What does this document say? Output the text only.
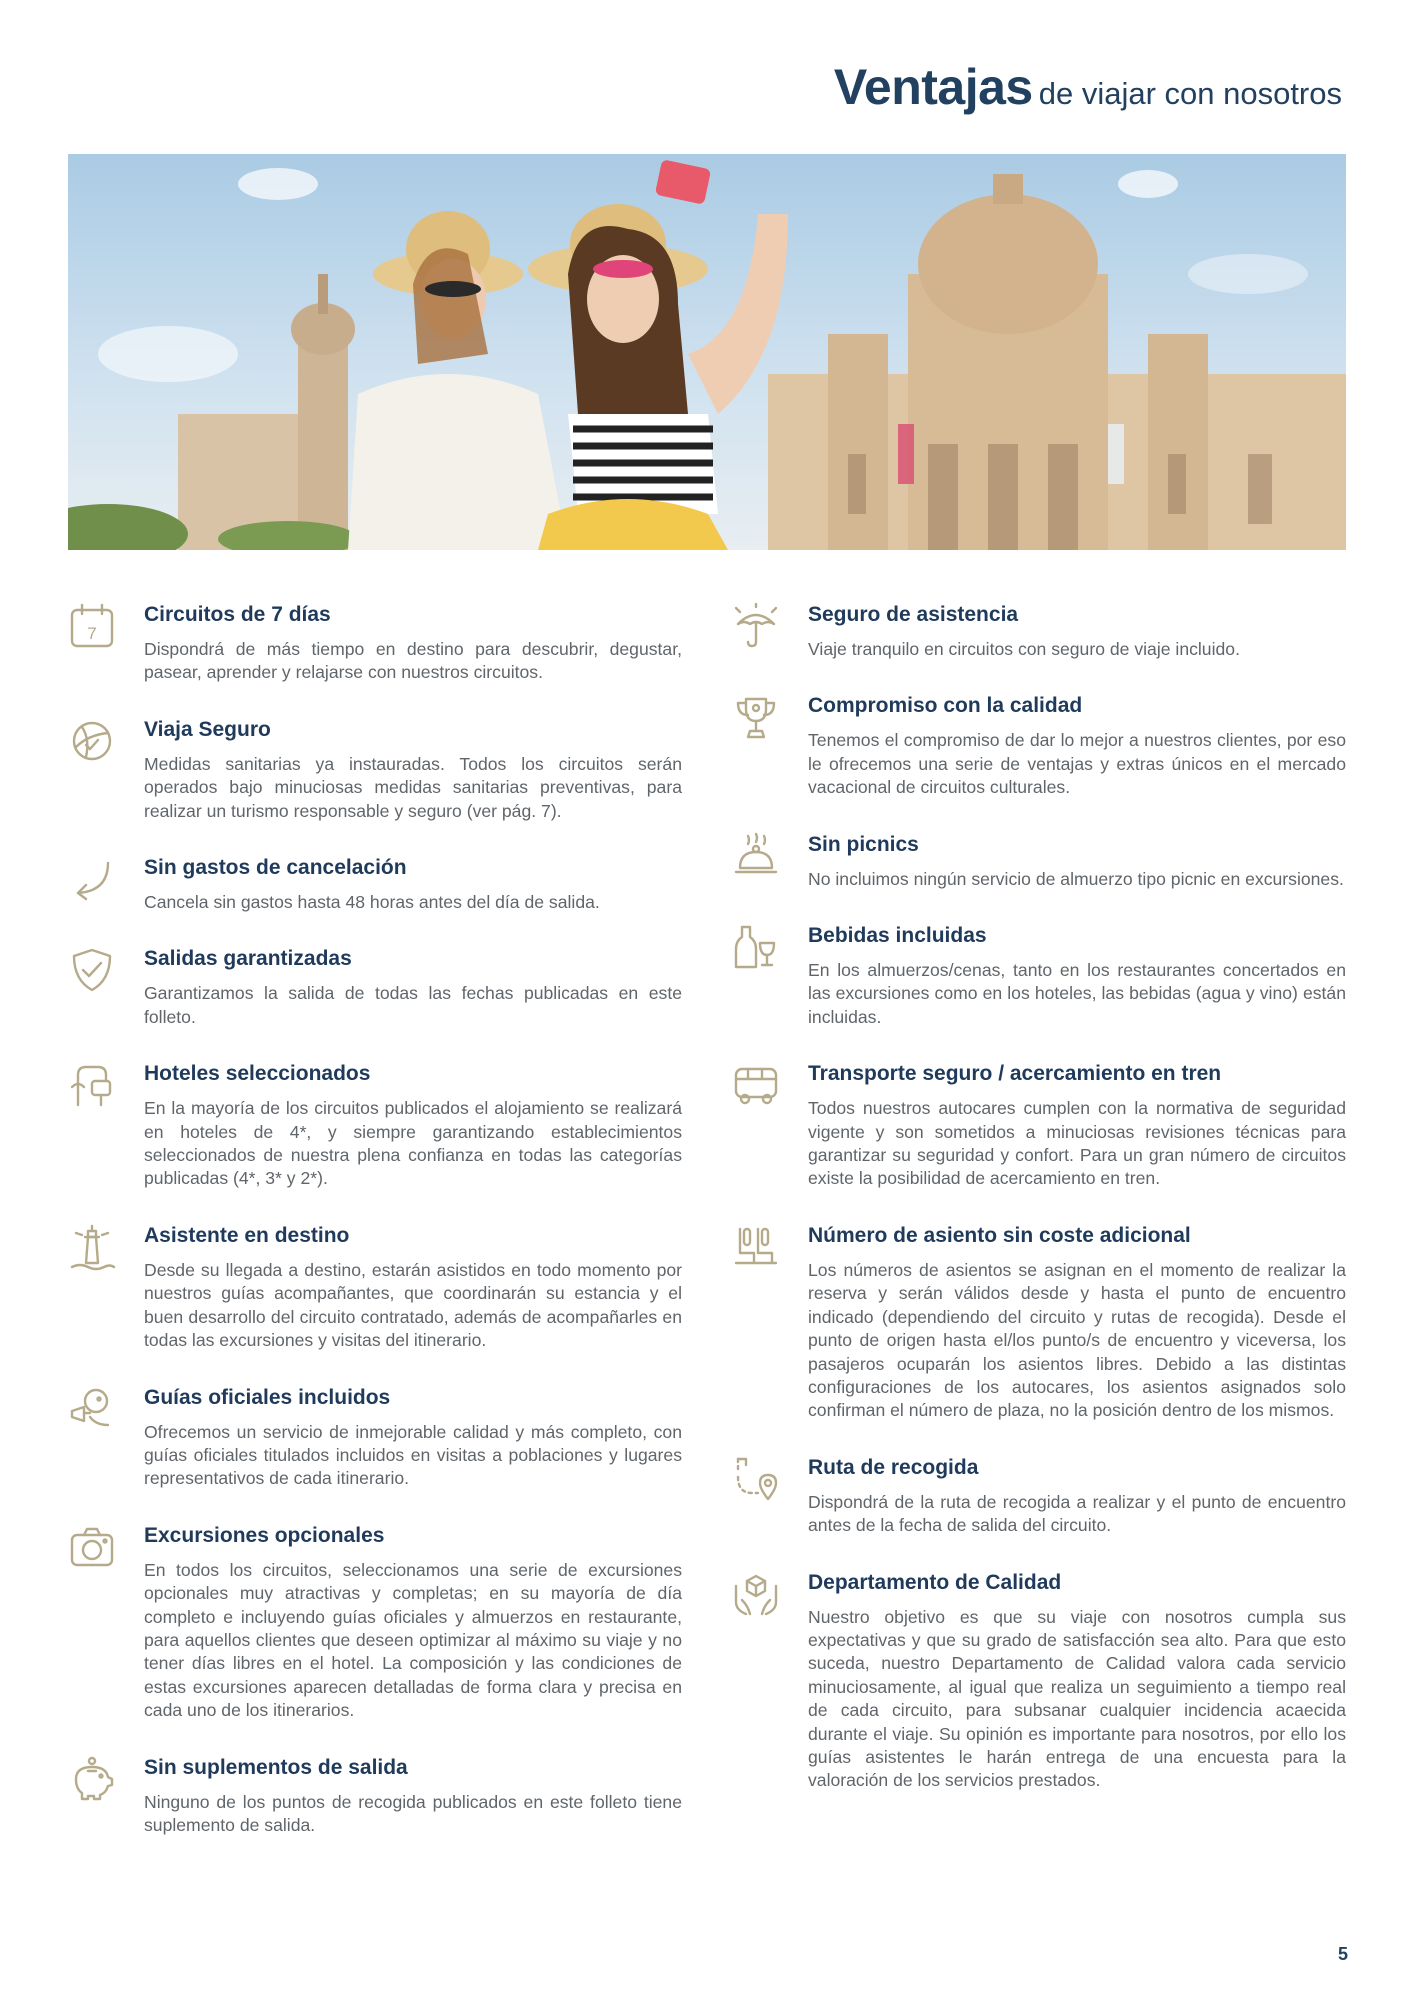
Ventajas de viajar con nosotros
7
Circuitos de 7 días

Dispondrá de más tiempo en destino para descubrir, degustar, pasear, aprender y relajarse con nuestros circuitos.

Viaja Seguro

Medidas sanitarias ya instauradas. Todos los circuitos serán operados bajo minuciosas medidas sanitarias preventivas, para realizar un turismo responsable y seguro (ver pág. 7).

Sin gastos de cancelación

Cancela sin gastos hasta 48 horas antes del día de salida.

Salidas garantizadas

Garantizamos la salida de todas las fechas publicadas en este folleto.

Hoteles seleccionados

En la mayoría de los circuitos publicados el alojamiento se realizará en hoteles de 4*, y siempre garantizando establecimientos seleccionados de nuestra plena confianza en todas las categorías publicadas (4*, 3* y 2*).

Asistente en destino

Desde su llegada a destino, estarán asistidos en todo momento por nuestros guías acompañantes, que coordinarán su estancia y el buen desarrollo del circuito contratado, además de acompañarles en todas las excursiones y visitas del itinerario.

Guías oficiales incluidos

Ofrecemos un servicio de inmejorable calidad y más completo, con guías oficiales titulados incluidos en visitas a poblaciones y lugares representativos de cada itinerario.

Excursiones opcionales

En todos los circuitos, seleccionamos una serie de excursiones opcionales muy atractivas y completas; en su mayoría de día completo e incluyendo guías oficiales y almuerzos en restaurante, para aquellos clientes que deseen optimizar al máximo su viaje y no tener días libres en el hotel. La composición y las condiciones de estas excursiones aparecen detalladas de forma clara y precisa en cada uno de los itinerarios.

Sin suplementos de salida

Ninguno de los puntos de recogida publicados en este folleto tiene suplemento de salida.

Seguro de asistencia

Viaje tranquilo en circuitos con seguro de viaje incluido.

Compromiso con la calidad

Tenemos el compromiso de dar lo mejor a nuestros clientes, por eso le ofrecemos una serie de ventajas y extras únicos en el mercado vacacional de circuitos culturales.

Sin picnics

No incluimos ningún servicio de almuerzo tipo picnic en excursiones.

Bebidas incluidas

En los almuerzos/cenas, tanto en los restaurantes concertados en las excursiones como en los hoteles, las bebidas (agua y vino) están incluidas.

Transporte seguro / acercamiento en tren

Todos nuestros autocares cumplen con la normativa de seguridad vigente y son sometidos a minuciosas revisiones técnicas para garantizar su seguridad y confort. Para un gran número de circuitos existe la posibilidad de acercamiento en tren.

Número de asiento sin coste adicional

Los números de asientos se asignan en el momento de realizar la reserva y serán válidos desde y hasta el punto de encuentro indicado (dependiendo del circuito y rutas de recogida). Desde el punto de origen hasta el/los punto/s de encuentro y viceversa, los pasajeros ocuparán los asientos libres. Debido a las distintas configuraciones de los autocares, los asientos asignados solo confirman el número de plaza, no la posición dentro de los mismos.

Ruta de recogida

Dispondrá de la ruta de recogida a realizar y el punto de encuentro antes de la fecha de salida del circuito.

Departamento de Calidad

Nuestro objetivo es que su viaje con nosotros cumpla sus expectativas y que su grado de satisfacción sea alto. Para que esto suceda, nuestro Departamento de Calidad valora cada servicio minuciosamente, al igual que realiza un seguimiento a tiempo real de cada circuito, para subsanar cualquier incidencia acaecida durante el viaje. Su opinión es importante para nosotros, por ello los guías asistentes le harán entrega de una encuesta para la valoración de los servicios prestados.

5
